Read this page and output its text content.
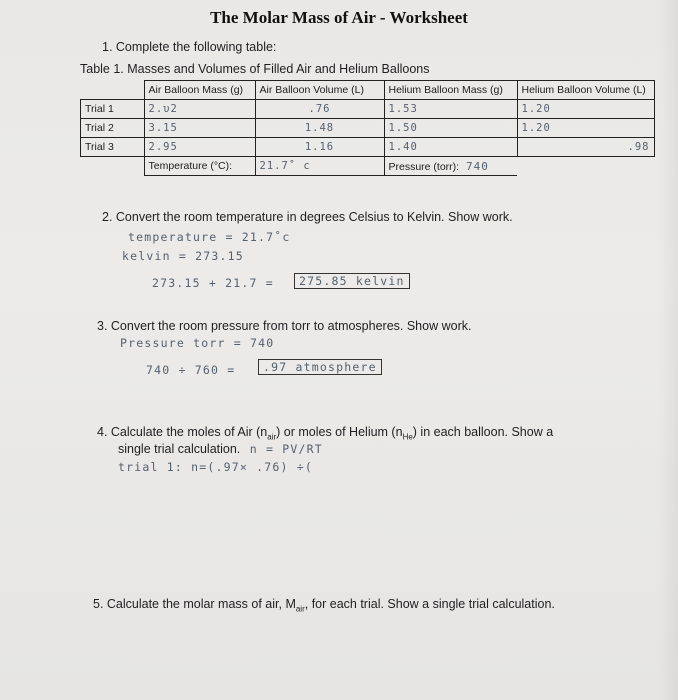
The Molar Mass of Air - Worksheet
1. Complete the following table:
Table 1. Masses and Volumes of Filled Air and Helium Balloons
	Air Balloon Mass (g)	Air Balloon Volume (L)	Helium Balloon Mass (g)	Helium Balloon Volume (L)
Trial 1	2.υ2	.76	1.53	1.20
Trial 2	3.15	1.48	1.50	1.20
Trial 3	2.95	1.16	1.40	.98
	Temperature (°C):	21.7˚ c	Pressure (torr): 740	
2. Convert the room temperature in degrees Celsius to Kelvin. Show work.
temperature = 21.7˚c
kelvin = 273.15
273.15 + 21.7 =	275.85 kelvin
3. Convert the room pressure from torr to atmospheres. Show work.
Pressure torr = 740
740 ÷ 760 =	.97 atmosphere
4. Calculate the moles of Air $(n_{air})$ or moles of Helium $(n_{He})$ in each balloon. Show a
single trial calculation. n = PV/RT
trial 1: n=(.97× .76) ÷(
5. Calculate the molar mass of air, $M_{air}$, for each trial. Show a single trial calculation.
